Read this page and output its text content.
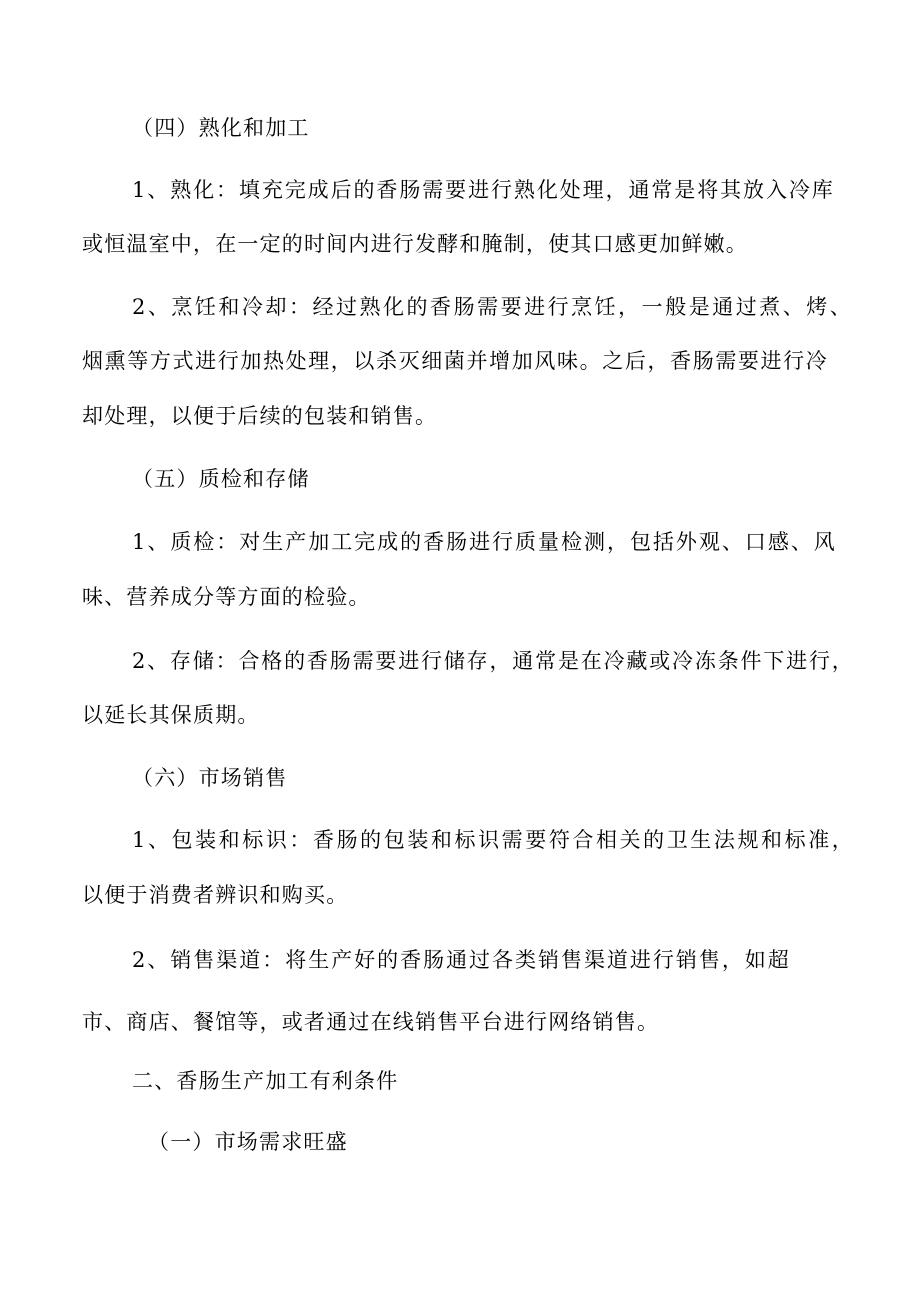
（四）熟化和加工
1、熟化：填充完成后的香肠需要进行熟化处理，通常是将其放入冷库
或恒温室中，在一定的时间内进行发酵和腌制，使其口感更加鲜嫩。
2、烹饪和冷却：经过熟化的香肠需要进行烹饪，一般是通过煮、烤、
烟熏等方式进行加热处理，以杀灭细菌并增加风味。之后，香肠需要进行冷
却处理，以便于后续的包装和销售。
（五）质检和存储
1、质检：对生产加工完成的香肠进行质量检测，包括外观、口感、风
味、营养成分等方面的检验。
2、存储：合格的香肠需要进行储存，通常是在冷藏或冷冻条件下进行，
以延长其保质期。
（六）市场销售
1、包装和标识：香肠的包装和标识需要符合相关的卫生法规和标准，
以便于消费者辨识和购买。
2、销售渠道：将生产好的香肠通过各类销售渠道进行销售，如超
市、商店、餐馆等，或者通过在线销售平台进行网络销售。
二、香肠生产加工有利条件
（一）市场需求旺盛
